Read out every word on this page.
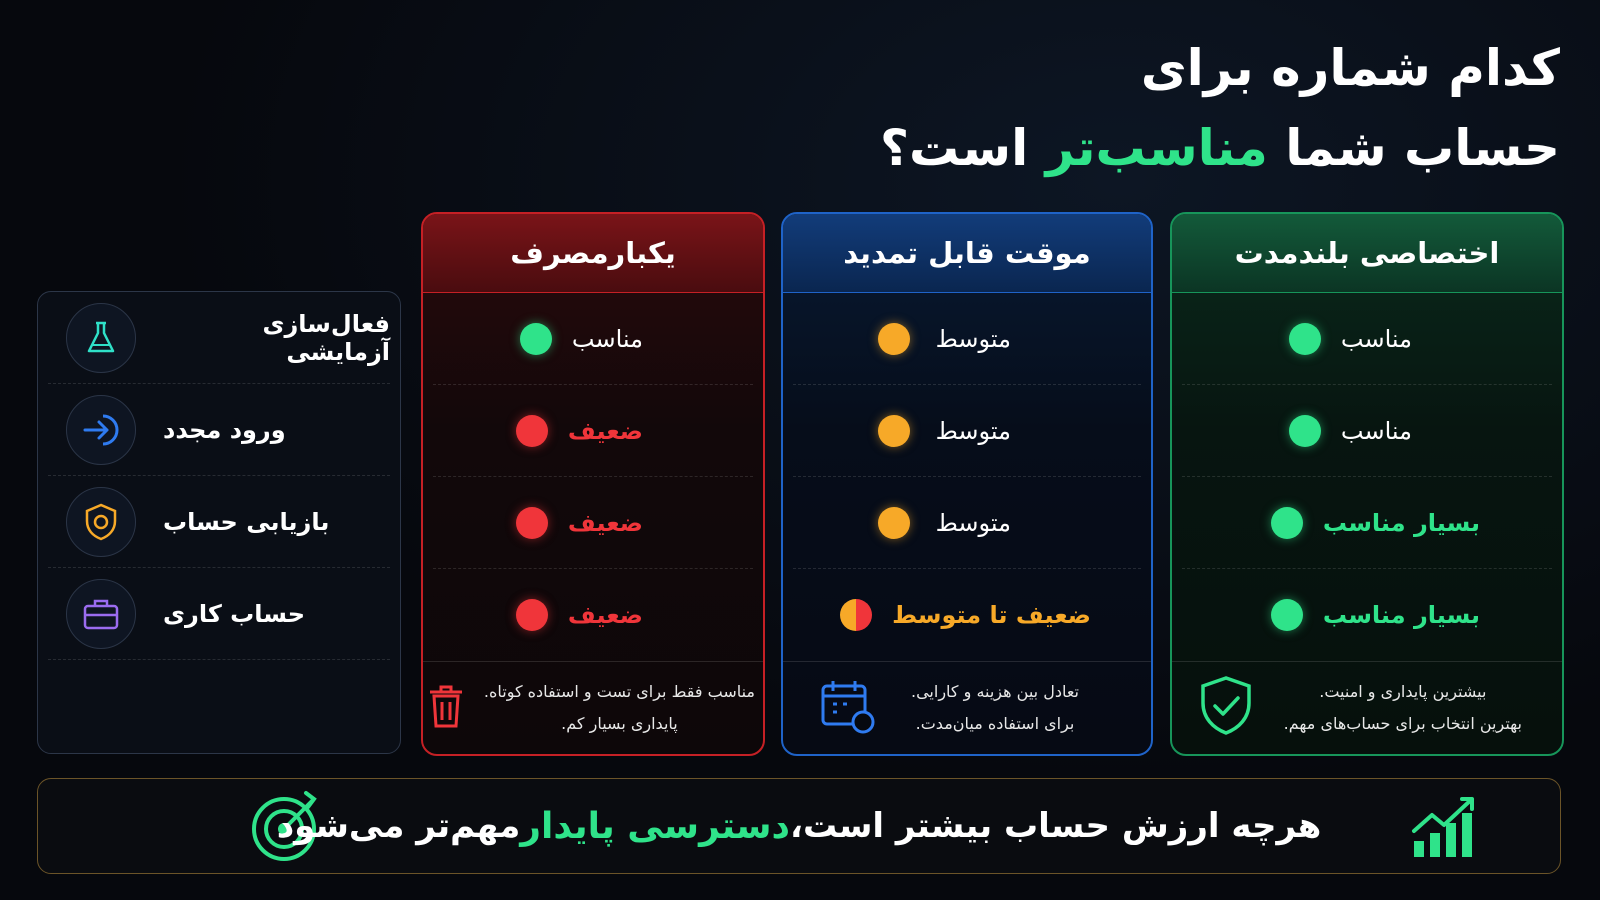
کدام شماره برای
حساب شما مناسب‌تر است؟
فعال‌سازی آزمایشی
ورود مجدد
بازیابی حساب
حساب کاری
یکبارمصرف
مناسب
ضعیف
ضعیف
ضعیف
مناسب فقط برای تست و استفاده کوتاه.
پایداری بسیار کم.
موقت قابل تمدید
متوسط
متوسط
متوسط
ضعیف تا متوسط
تعادل بین هزینه و کارایی.
برای استفاده میان‌مدت.
اختصاصی بلندمدت
مناسب
مناسب
بسیار مناسب
بسیار مناسب
بیشترین پایداری و امنیت.
بهترین انتخاب برای حساب‌های مهم.
هرچه ارزش حساب بیشتر است،
دسترسی پایدار
مهم‌تر می‌شود
